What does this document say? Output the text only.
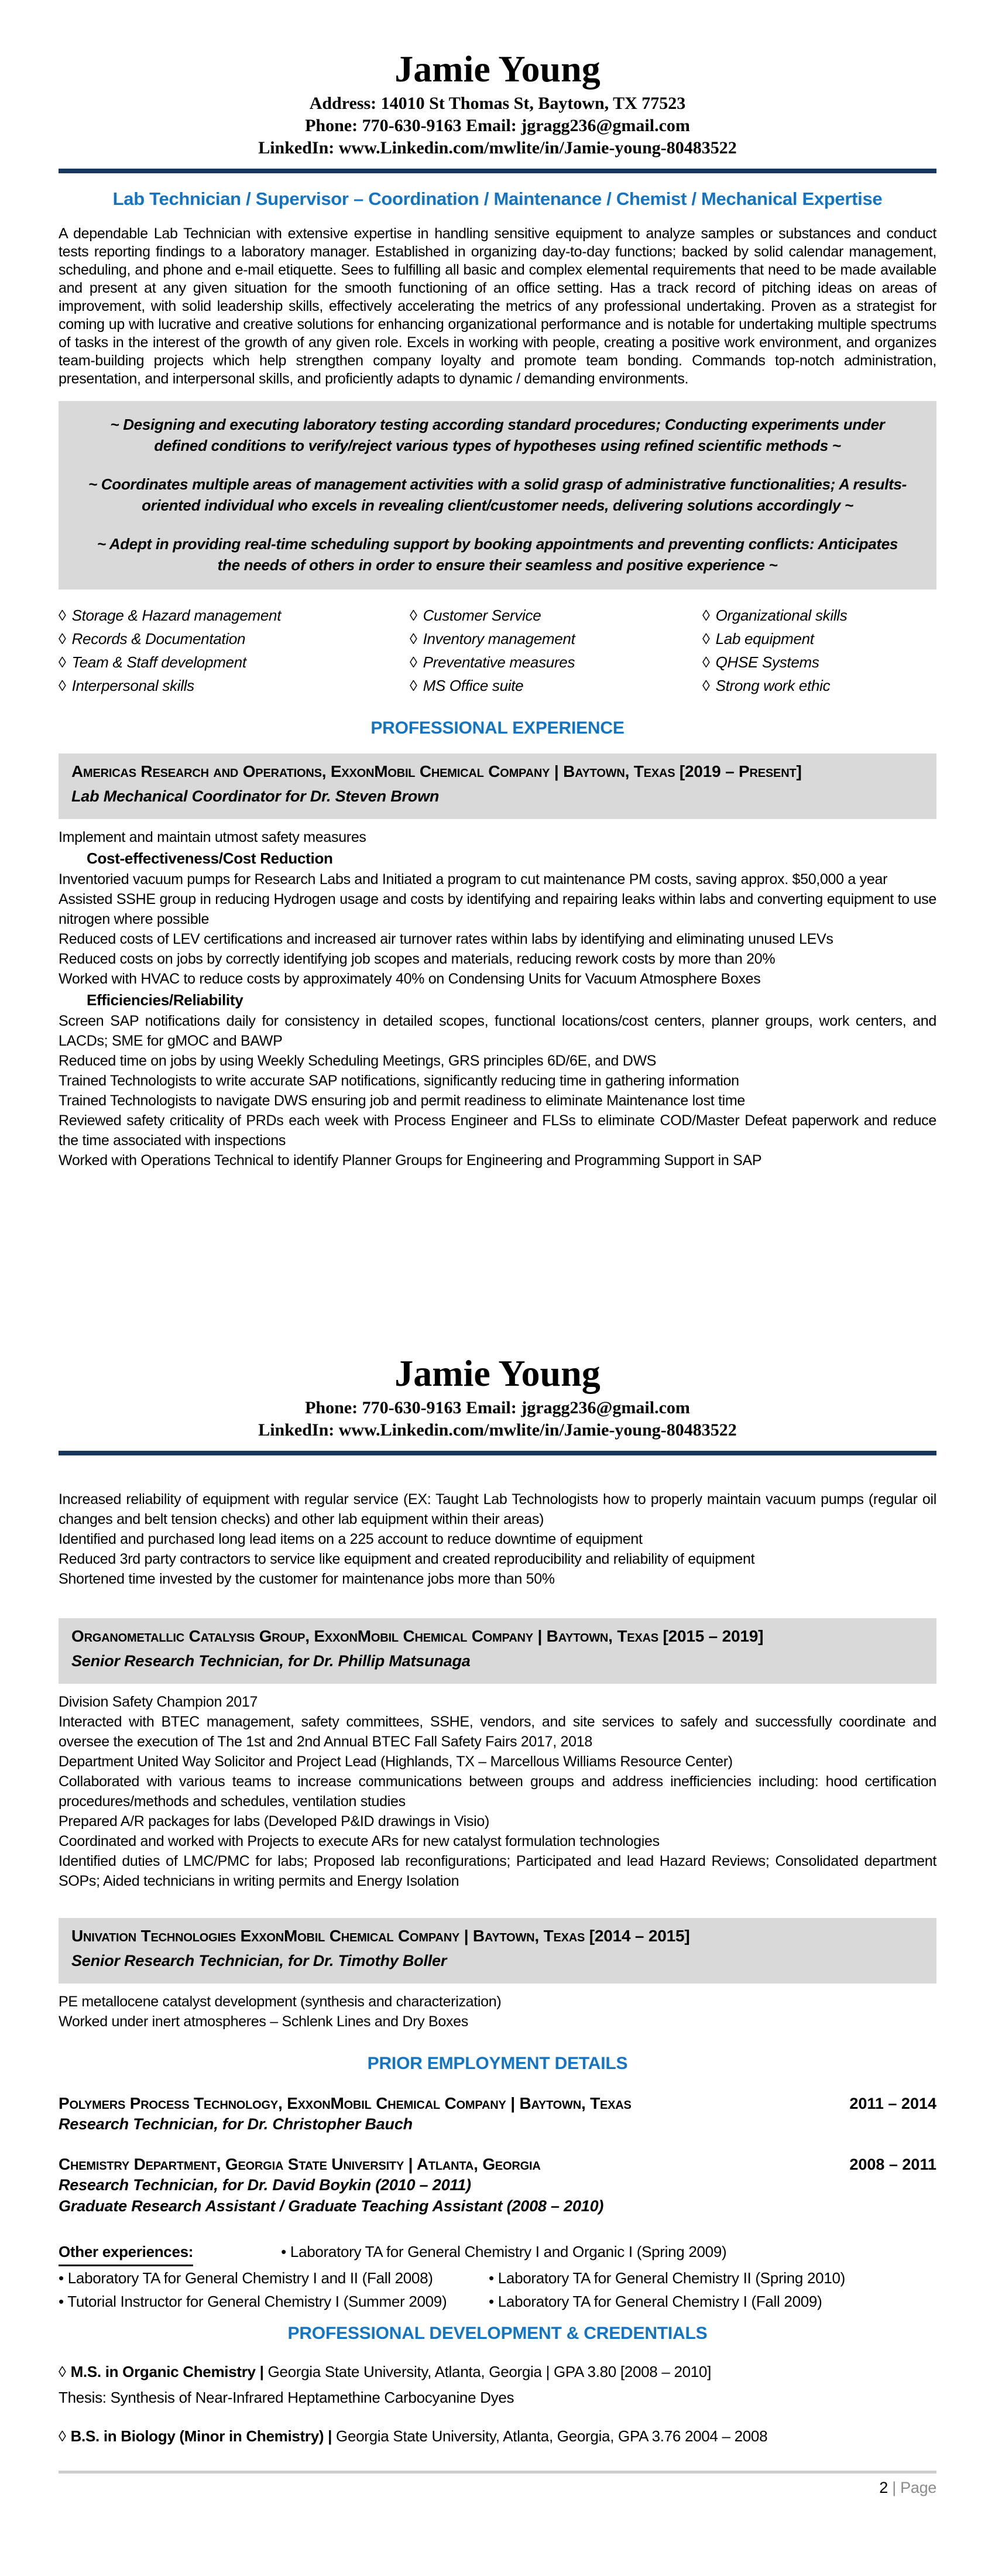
Jamie Young
Address: 14010 St Thomas St, Baytown, TX 77523
Phone: 770-630-9163 Email: jgragg236@gmail.com
LinkedIn: www.Linkedin.com/mwlite/in/Jamie-young-80483522
Lab Technician / Supervisor – Coordination / Maintenance / Chemist / Mechanical Expertise
A dependable Lab Technician with extensive expertise in handling sensitive equipment to analyze samples or substances and conduct tests reporting findings to a laboratory manager. Established in organizing day-to-day functions; backed by solid calendar management, scheduling, and phone and e-mail etiquette. Sees to fulfilling all basic and complex elemental requirements that need to be made available and present at any given situation for the smooth functioning of an office setting. Has a track record of pitching ideas on areas of improvement, with solid leadership skills, effectively accelerating the metrics of any professional undertaking. Proven as a strategist for coming up with lucrative and creative solutions for enhancing organizational performance and is notable for undertaking multiple spectrums of tasks in the interest of the growth of any given role. Excels in working with people, creating a positive work environment, and organizes team-building projects which help strengthen company loyalty and promote team bonding. Commands top-notch administration, presentation, and interpersonal skills, and proficiently adapts to dynamic / demanding environments.
~ Designing and executing laboratory testing according standard procedures; Conducting experiments under defined conditions to verify/reject various types of hypotheses using refined scientific methods ~
~ Coordinates multiple areas of management activities with a solid grasp of administrative functionalities; A results-oriented individual who excels in revealing client/customer needs, delivering solutions accordingly ~
~ Adept in providing real-time scheduling support by booking appointments and preventing conflicts: Anticipates the needs of others in order to ensure their seamless and positive experience ~
◊ Storage & Hazard management	◊ Customer Service	◊ Organizational skills
◊ Records & Documentation	◊ Inventory management	◊ Lab equipment
◊ Team & Staff development	◊ Preventative measures	◊ QHSE Systems
◊ Interpersonal skills	◊ MS Office suite	◊ Strong work ethic
PROFESSIONAL EXPERIENCE
Americas Research and Operations, ExxonMobil Chemical Company | Baytown, Texas [2019 – Present]
Lab Mechanical Coordinator for Dr. Steven Brown
Implement and maintain utmost safety measures
Cost-effectiveness/Cost Reduction
Inventoried vacuum pumps for Research Labs and Initiated a program to cut maintenance PM costs, saving approx. $50,000 a year
Assisted SSHE group in reducing Hydrogen usage and costs by identifying and repairing leaks within labs and converting equipment to use nitrogen where possible
Reduced costs of LEV certifications and increased air turnover rates within labs by identifying and eliminating unused LEVs
Reduced costs on jobs by correctly identifying job scopes and materials, reducing rework costs by more than 20%
Worked with HVAC to reduce costs by approximately 40% on Condensing Units for Vacuum Atmosphere Boxes
Efficiencies/Reliability
Screen SAP notifications daily for consistency in detailed scopes, functional locations/cost centers, planner groups, work centers, and LACDs; SME for gMOC and BAWP
Reduced time on jobs by using Weekly Scheduling Meetings, GRS principles 6D/6E, and DWS
Trained Technologists to write accurate SAP notifications, significantly reducing time in gathering information
Trained Technologists to navigate DWS ensuring job and permit readiness to eliminate Maintenance lost time
Reviewed safety criticality of PRDs each week with Process Engineer and FLSs to eliminate COD/Master Defeat paperwork and reduce the time associated with inspections
Worked with Operations Technical to identify Planner Groups for Engineering and Programming Support in SAP
Jamie Young
Phone: 770-630-9163 Email: jgragg236@gmail.com
LinkedIn: www.Linkedin.com/mwlite/in/Jamie-young-80483522
Increased reliability of equipment with regular service (EX: Taught Lab Technologists how to properly maintain vacuum pumps (regular oil changes and belt tension checks) and other lab equipment within their areas)
Identified and purchased long lead items on a 225 account to reduce downtime of equipment
Reduced 3rd party contractors to service like equipment and created reproducibility and reliability of equipment
Shortened time invested by the customer for maintenance jobs more than 50%
Organometallic Catalysis Group, ExxonMobil Chemical Company | Baytown, Texas [2015 – 2019]
Senior Research Technician, for Dr. Phillip Matsunaga
Division Safety Champion 2017
Interacted with BTEC management, safety committees, SSHE, vendors, and site services to safely and successfully coordinate and oversee the execution of The 1st and 2nd Annual BTEC Fall Safety Fairs 2017, 2018
Department United Way Solicitor and Project Lead (Highlands, TX – Marcellous Williams Resource Center)
Collaborated with various teams to increase communications between groups and address inefficiencies including: hood certification procedures/methods and schedules, ventilation studies
Prepared A/R packages for labs (Developed P&ID drawings in Visio)
Coordinated and worked with Projects to execute ARs for new catalyst formulation technologies
Identified duties of LMC/PMC for labs; Proposed lab reconfigurations; Participated and lead Hazard Reviews; Consolidated department SOPs; Aided technicians in writing permits and Energy Isolation
Univation Technologies ExxonMobil Chemical Company | Baytown, Texas [2014 – 2015]
Senior Research Technician, for Dr. Timothy Boller
PE metallocene catalyst development (synthesis and characterization)
Worked under inert atmospheres – Schlenk Lines and Dry Boxes
PRIOR EMPLOYMENT DETAILS
Polymers Process Technology, ExxonMobil Chemical Company | Baytown, Texas	2011 – 2014
Research Technician, for Dr. Christopher Bauch
Chemistry Department, Georgia State University | Atlanta, Georgia	2008 – 2011
Research Technician, for Dr. David Boykin (2010 – 2011)
Graduate Research Assistant / Graduate Teaching Assistant (2008 – 2010)
Other experiences:	• Laboratory TA for General Chemistry I and Organic I (Spring 2009)
• Laboratory TA for General Chemistry I and II (Fall 2008)	• Laboratory TA for General Chemistry II (Spring 2010)
• Tutorial Instructor for General Chemistry I (Summer 2009)	• Laboratory TA for General Chemistry I (Fall 2009)
PROFESSIONAL DEVELOPMENT & CREDENTIALS
◊ M.S. in Organic Chemistry | Georgia State University, Atlanta, Georgia | GPA 3.80 [2008 – 2010]
Thesis: Synthesis of Near-Infrared Heptamethine Carbocyanine Dyes
◊ B.S. in Biology (Minor in Chemistry) | Georgia State University, Atlanta, Georgia, GPA 3.76 2004 – 2008
2 | Page
